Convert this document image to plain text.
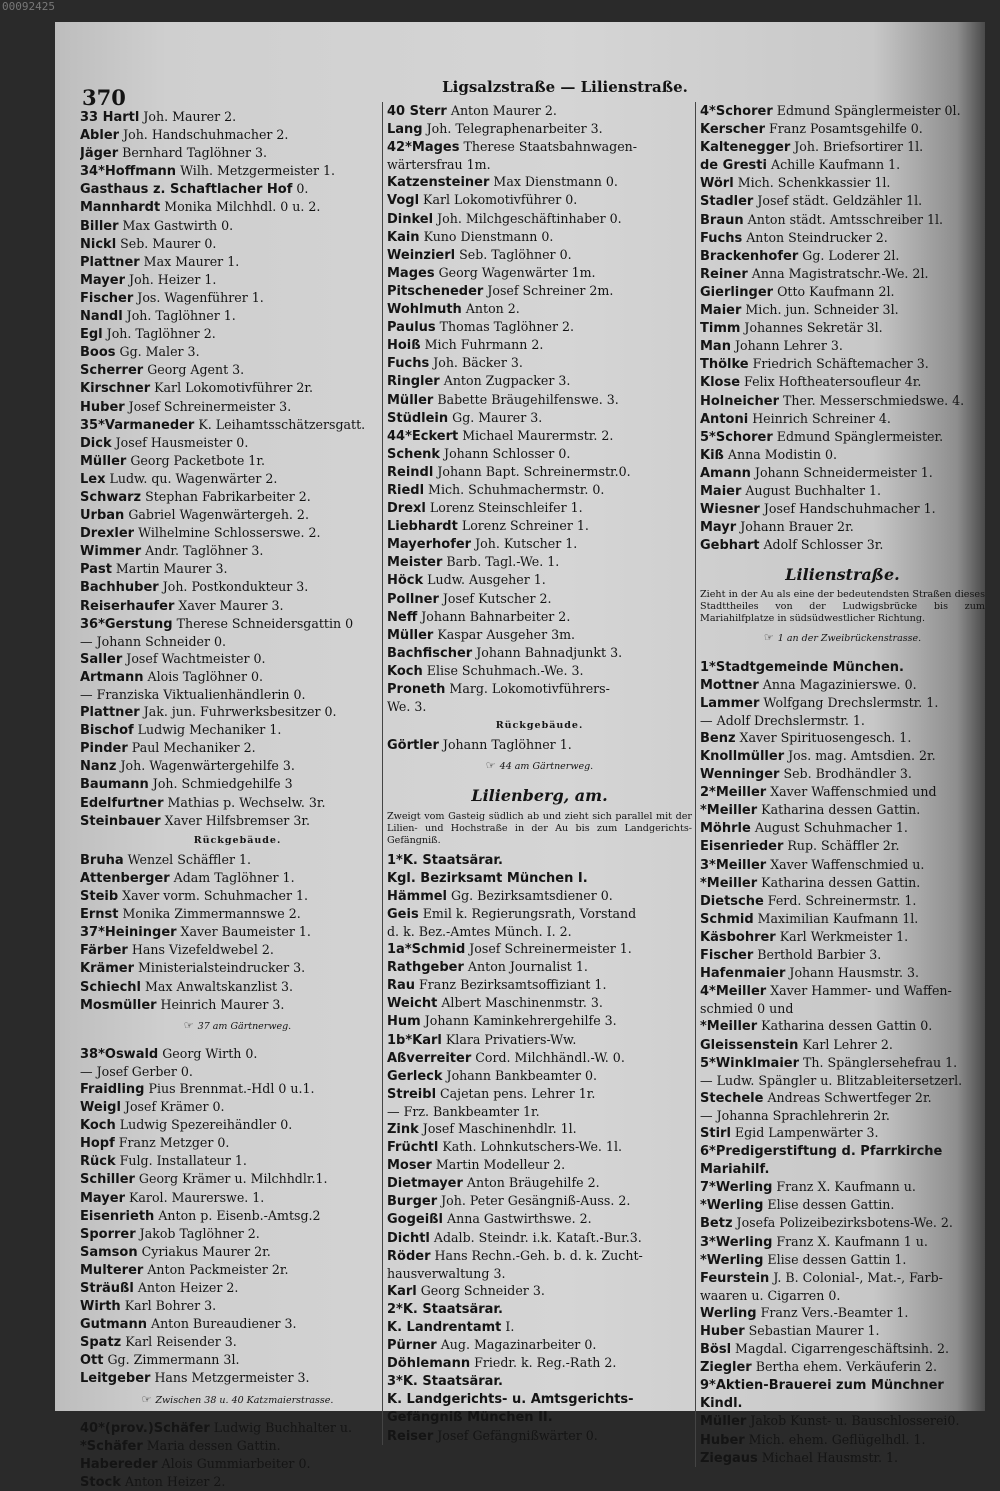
00092425
370	Ligsalzstraße — Lilienstraße.
33 Hartl Joh. Maurer 2.
Abler Joh. Handschuhmacher 2.
Jäger Bernhard Taglöhner 3.
34*Hoffmann Wilh. Metzgermeister 1.
Gasthaus z. Schaftlacher Hof 0.
Mannhardt Monika Milchhdl. 0 u. 2.
Biller Max Gastwirth 0.
Nickl Seb. Maurer 0.
Plattner Max Maurer 1.
Mayer Joh. Heizer 1.
Fischer Jos. Wagenführer 1.
Nandl Joh. Taglöhner 1.
Egl Joh. Taglöhner 2.
Boos Gg. Maler 3.
Scherrer Georg Agent 3.
Kirschner Karl Lokomotivführer 2r.
Huber Josef Schreinermeister 3.
35*Varmaneder K. Leihamtsschätzersgatt.
Dick Josef Hausmeister 0.
Müller Georg Packetbote 1r.
Lex Ludw. qu. Wagenwärter 2.
Schwarz Stephan Fabrikarbeiter 2.
Urban Gabriel Wagenwärtergeh. 2.
Drexler Wilhelmine Schlosserswe. 2.
Wimmer Andr. Taglöhner 3.
Past Martin Maurer 3.
Bachhuber Joh. Postkondukteur 3.
Reiserhaufer Xaver Maurer 3.
36*Gerstung Therese Schneidersgattin 0
— Johann Schneider 0.
Saller Josef Wachtmeister 0.
Artmann Alois Taglöhner 0.
— Franziska Viktualienhändlerin 0.
Plattner Jak. jun. Fuhrwerksbesitzer 0.
Bischof Ludwig Mechaniker 1.
Pinder Paul Mechaniker 2.
Nanz Joh. Wagenwärtergehilfe 3.
Baumann Joh. Schmiedgehilfe 3
Edelfurtner Mathias p. Wechselw. 3r.
Steinbauer Xaver Hilfsbremser 3r.
Rückgebäude.
Bruha Wenzel Schäffler 1.
Attenberger Adam Taglöhner 1.
Steib Xaver vorm. Schuhmacher 1.
Ernst Monika Zimmermannswe 2.
37*Heininger Xaver Baumeister 1.
Färber Hans Vizefeldwebel 2.
Krämer Ministerialsteindrucker 3.
Schiechl Max Anwaltskanzlist 3.
Mosmüller Heinrich Maurer 3.
☞ 37 am Gärtnerweg.
38*Oswald Georg Wirth 0.
— Josef Gerber 0.
Fraidling Pius Brennmat.-Hdl 0 u.1.
Weigl Josef Krämer 0.
Koch Ludwig Spezereihändler 0.
Hopf Franz Metzger 0.
Rück Fulg. Installateur 1.
Schiller Georg Krämer u. Milchhdlr.1.
Mayer Karol. Maurerswe. 1.
Eisenrieth Anton p. Eisenb.-Amtsg.2
Sporrer Jakob Taglöhner 2.
Samson Cyriakus Maurer 2r.
Multerer Anton Packmeister 2r.
Sträußl Anton Heizer 2.
Wirth Karl Bohrer 3.
Gutmann Anton Bureaudiener 3.
Spatz Karl Reisender 3.
Ott Gg. Zimmermann 3l.
Leitgeber Hans Metzgermeister 3.
☞ Zwischen 38 u. 40 Katzmaierstrasse.
40*(prov.)Schäfer Ludwig Buchhalter u.
*Schäfer Maria dessen Gattin.
Habereder Alois Gummiarbeiter 0.
Stock Anton Heizer 2.
40 Sterr Anton Maurer 2.
Lang Joh. Telegraphenarbeiter 3.
42*Mages Therese Staatsbahnwagen-
wärtersfrau 1m.
Katzensteiner Max Dienstmann 0.
Vogl Karl Lokomotivführer 0.
Dinkel Joh. Milchgeschäftinhaber 0.
Kain Kuno Dienstmann 0.
Weinzierl Seb. Taglöhner 0.
Mages Georg Wagenwärter 1m.
Pitscheneder Josef Schreiner 2m.
Wohlmuth Anton 2.
Paulus Thomas Taglöhner 2.
Hoiß Mich Fuhrmann 2.
Fuchs Joh. Bäcker 3.
Ringler Anton Zugpacker 3.
Müller Babette Bräugehilfenswe. 3.
Stüdlein Gg. Maurer 3.
44*Eckert Michael Maurermstr. 2.
Schenk Johann Schlosser 0.
Reindl Johann Bapt. Schreinermstr.0.
Riedl Mich. Schuhmachermstr. 0.
Drexl Lorenz Steinschleifer 1.
Liebhardt Lorenz Schreiner 1.
Mayerhofer Joh. Kutscher 1.
Meister Barb. Tagl.-We. 1.
Höck Ludw. Ausgeher 1.
Pollner Josef Kutscher 2.
Neff Johann Bahnarbeiter 2.
Müller Kaspar Ausgeher 3m.
Bachfischer Johann Bahnadjunkt 3.
Koch Elise Schuhmach.-We. 3.
Proneth Marg. Lokomotivführers-
We. 3.
Rückgebäude.
Görtler Johann Taglöhner 1.
☞ 44 am Gärtnerweg.
Lilienberg, am.
Zweigt vom Gasteig südlich ab und zieht sich parallel mit der Lilien- und Hochstraße in der Au bis zum Landgerichts-Gefängniß.
1*K. Staatsärar.
Kgl. Bezirksamt München I.
Hämmel Gg. Bezirksamtsdiener 0.
Geis Emil k. Regierungsrath, Vorstand
d. k. Bez.-Amtes Münch. I. 2.
1a*Schmid Josef Schreinermeister 1.
Rathgeber Anton Journalist 1.
Rau Franz Bezirksamtsoffiziant 1.
Weicht Albert Maschinenmstr. 3.
Hum Johann Kaminkehrergehilfe 3.
1b*Karl Klara Privatiers-Ww.
Aßverreiter Cord. Milchhändl.-W. 0.
Gerleck Johann Bankbeamter 0.
Streibl Cajetan pens. Lehrer 1r.
— Frz. Bankbeamter 1r.
Zink Josef Maschinenhdlr. 1l.
Früchtl Kath. Lohnkutschers-We. 1l.
Moser Martin Modelleur 2.
Dietmayer Anton Bräugehilfe 2.
Burger Joh. Peter Gesängniß-Auss. 2.
Gogeißl Anna Gastwirthswe. 2.
Dichtl Adalb. Steindr. i.k. Kataſt.-Bur.3.
Röder Hans Rechn.-Geh. b. d. k. Zucht-
hausverwaltung 3.
Karl Georg Schneider 3.
2*K. Staatsärar.
K. Landrentamt I.
Pürner Aug. Magazinarbeiter 0.
Döhlemann Friedr. k. Reg.-Rath 2.
3*K. Staatsärar.
K. Landgerichts- u. Amtsgerichts-
Gefängniß München II.
Reiser Josef Gefängnißwärter 0.
4*Schorer Edmund Spänglermeister 0l.
Kerscher Franz Posamtsgehilfe 0.
Kaltenegger Joh. Briefsortirer 1l.
de Gresti Achille Kaufmann 1.
Wörl Mich. Schenkkassier 1l.
Stadler Josef städt. Geldzähler 1l.
Braun Anton städt. Amtsschreiber 1l.
Fuchs Anton Steindrucker 2.
Brackenhofer Gg. Loderer 2l.
Reiner Anna Magistratschr.-We. 2l.
Gierlinger Otto Kaufmann 2l.
Maier Mich. jun. Schneider 3l.
Timm Johannes Sekretär 3l.
Man Johann Lehrer 3.
Thölke Friedrich Schäftemacher 3.
Klose Felix Hoftheatersoufleur 4r.
Holneicher Ther. Messerschmiedswe. 4.
Antoni Heinrich Schreiner 4.
5*Schorer Edmund Spänglermeister.
Kiß Anna Modistin 0.
Amann Johann Schneidermeister 1.
Maier August Buchhalter 1.
Wiesner Josef Handschuhmacher 1.
Mayr Johann Brauer 2r.
Gebhart Adolf Schlosser 3r.
Lilienstraße.
Zieht in der Au als eine der bedeutendsten Straßen dieses Stadttheiles von der Ludwigsbrücke bis zum Mariahilfplatze in südsüdwestlicher Richtung.
☞ 1 an der Zweibrückenstrasse.
1*Stadtgemeinde München.
Mottner Anna Magazinierswe. 0.
Lammer Wolfgang Drechslermstr. 1.
— Adolf Drechslermstr. 1.
Benz Xaver Spirituosengesch. 1.
Knollmüller Jos. mag. Amtsdien. 2r.
Wenninger Seb. Brodhändler 3.
2*Meiller Xaver Waffenschmied und
*Meiller Katharina dessen Gattin.
Möhrle August Schuhmacher 1.
Eisenrieder Rup. Schäffler 2r.
3*Meiller Xaver Waffenschmied u.
*Meiller Katharina dessen Gattin.
Dietsche Ferd. Schreinermstr. 1.
Schmid Maximilian Kaufmann 1l.
Käsbohrer Karl Werkmeister 1.
Fischer Berthold Barbier 3.
Hafenmaier Johann Hausmstr. 3.
4*Meiller Xaver Hammer- und Waffen-
schmied 0 und
*Meiller Katharina dessen Gattin 0.
Gleissenstein Karl Lehrer 2.
5*Winklmaier Th. Spänglersehefrau 1.
— Ludw. Spängler u. Blitzableitersetzerl.
Stechele Andreas Schwertfeger 2r.
— Johanna Sprachlehrerin 2r.
Stirl Egid Lampenwärter 3.
6*Predigerstiftung d. Pfarrkirche
Mariahilf.
7*Werling Franz X. Kaufmann u.
*Werling Elise dessen Gattin.
Betz Josefa Polizeibezirksbotens-We. 2.
3*Werling Franz X. Kaufmann 1 u.
*Werling Elise dessen Gattin 1.
Feurstein J. B. Colonial-, Mat.-, Farb-
waaren u. Cigarren 0.
Werling Franz Vers.-Beamter 1.
Huber Sebastian Maurer 1.
Bösl Magdal. Cigarrengeschäftsinh. 2.
Ziegler Bertha ehem. Verkäuferin 2.
9*Aktien-Brauerei zum Münchner
Kindl.
Müller Jakob Kunst- u. Bauschlosserei0.
Huber Mich. ehem. Geflügelhdl. 1.
Ziegaus Michael Hausmstr. 1.
